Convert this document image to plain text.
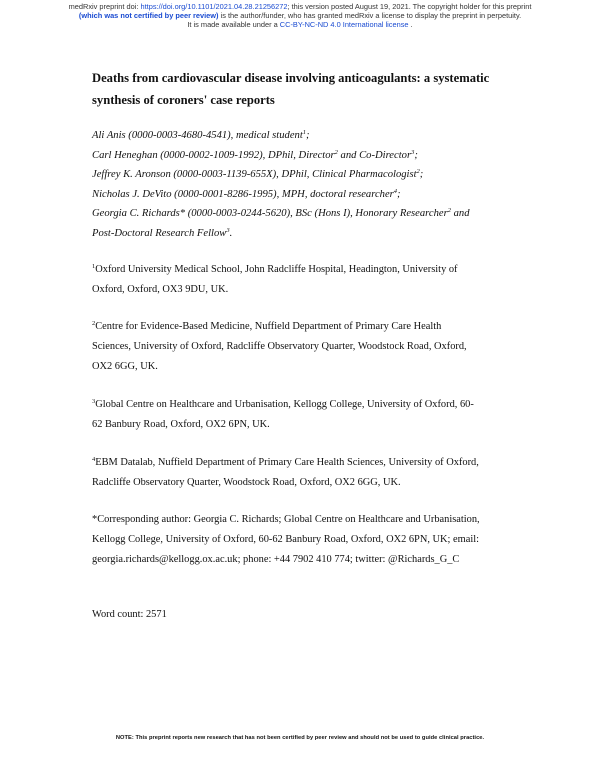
medRxiv preprint doi: https://doi.org/10.1101/2021.04.28.21256272; this version posted August 19, 2021. The copyright holder for this preprint
(which was not certified by peer review) is the author/funder, who has granted medRxiv a license to display the preprint in perpetuity.
It is made available under a CC-BY-NC-ND 4.0 International license .
Deaths from cardiovascular disease involving anticoagulants: a systematic
synthesis of coroners' case reports
Ali Anis (0000-0003-4680-4541), medical student$^1$;
Carl Heneghan (0000-0002-1009-1992), DPhil, Director$^2$ and Co-Director$^3$;
Jeffrey K. Aronson (0000-0003-1139-655X), DPhil, Clinical Pharmacologist$^2$;
Nicholas J. DeVito (0000-0001-8286-1995), MPH, doctoral researcher$^4$;
Georgia C. Richards* (0000-0003-0244-5620), BSc (Hons I), Honorary Researcher$^2$ and
Post-Doctoral Research Fellow$^3$.
$^1$Oxford University Medical School, John Radcliffe Hospital, Headington, University of
Oxford, Oxford, OX3 9DU, UK.
$^2$Centre for Evidence-Based Medicine, Nuffield Department of Primary Care Health
Sciences, University of Oxford, Radcliffe Observatory Quarter, Woodstock Road, Oxford,
OX2 6GG, UK.
$^3$Global Centre on Healthcare and Urbanisation, Kellogg College, University of Oxford, 60-
62 Banbury Road, Oxford, OX2 6PN, UK.
$^4$EBM Datalab, Nuffield Department of Primary Care Health Sciences, University of Oxford,
Radcliffe Observatory Quarter, Woodstock Road, Oxford, OX2 6GG, UK.
*Corresponding author: Georgia C. Richards; Global Centre on Healthcare and Urbanisation,
Kellogg College, University of Oxford, 60-62 Banbury Road, Oxford, OX2 6PN, UK; email:
georgia.richards@kellogg.ox.ac.uk; phone: +44 7902 410 774; twitter: @Richards_G_C
Word count: 2571
NOTE: This preprint reports new research that has not been certified by peer review and should not be used to guide clinical practice.
